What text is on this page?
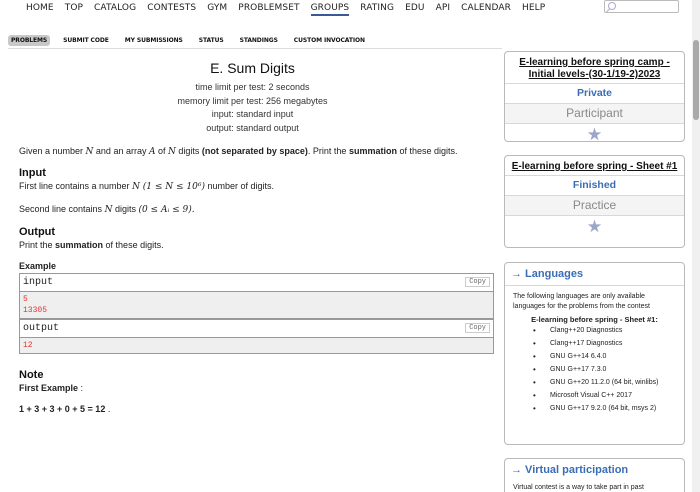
HOME TOP CATALOG CONTESTS GYM PROBLEMSET GROUPS RATING EDU API CALENDAR HELP
PROBLEMS	SUBMIT CODE	MY SUBMISSIONS	STATUS	STANDINGS	CUSTOM INVOCATION
E. Sum Digits
time limit per test: 2 seconds
memory limit per test: 256 megabytes
input: standard input
output: standard output
Given a number N and an array A of N digits (not separated by space). Print the summation of these digits.
Input
First line contains a number N (1 ≤ N ≤ 10⁶) number of digits.
Second line contains N digits (0 ≤ Aᵢ ≤ 9).
Output
Print the summation of these digits.
Example
input	Copy
5
13305
output	Copy
12
Note
First Example :
1 + 3 + 3 + 0 + 5 = 12 .
E-learning before spring camp - Initial levels-(30-1/19-2)2023
Private
Participant
E-learning before spring - Sheet #1
Finished
Practice
→ Languages
The following languages are only available languages for the problems from the contest
E-learning before spring - Sheet #1:
• Clang++20 Diagnostics
• Clang++17 Diagnostics
• GNU G++14 6.4.0
• GNU G++17 7.3.0
• GNU G++20 11.2.0 (64 bit, winlibs)
• Microsoft Visual C++ 2017
• GNU G++17 9.2.0 (64 bit, msys 2)
→ Virtual participation
Virtual contest is a way to take part in past
